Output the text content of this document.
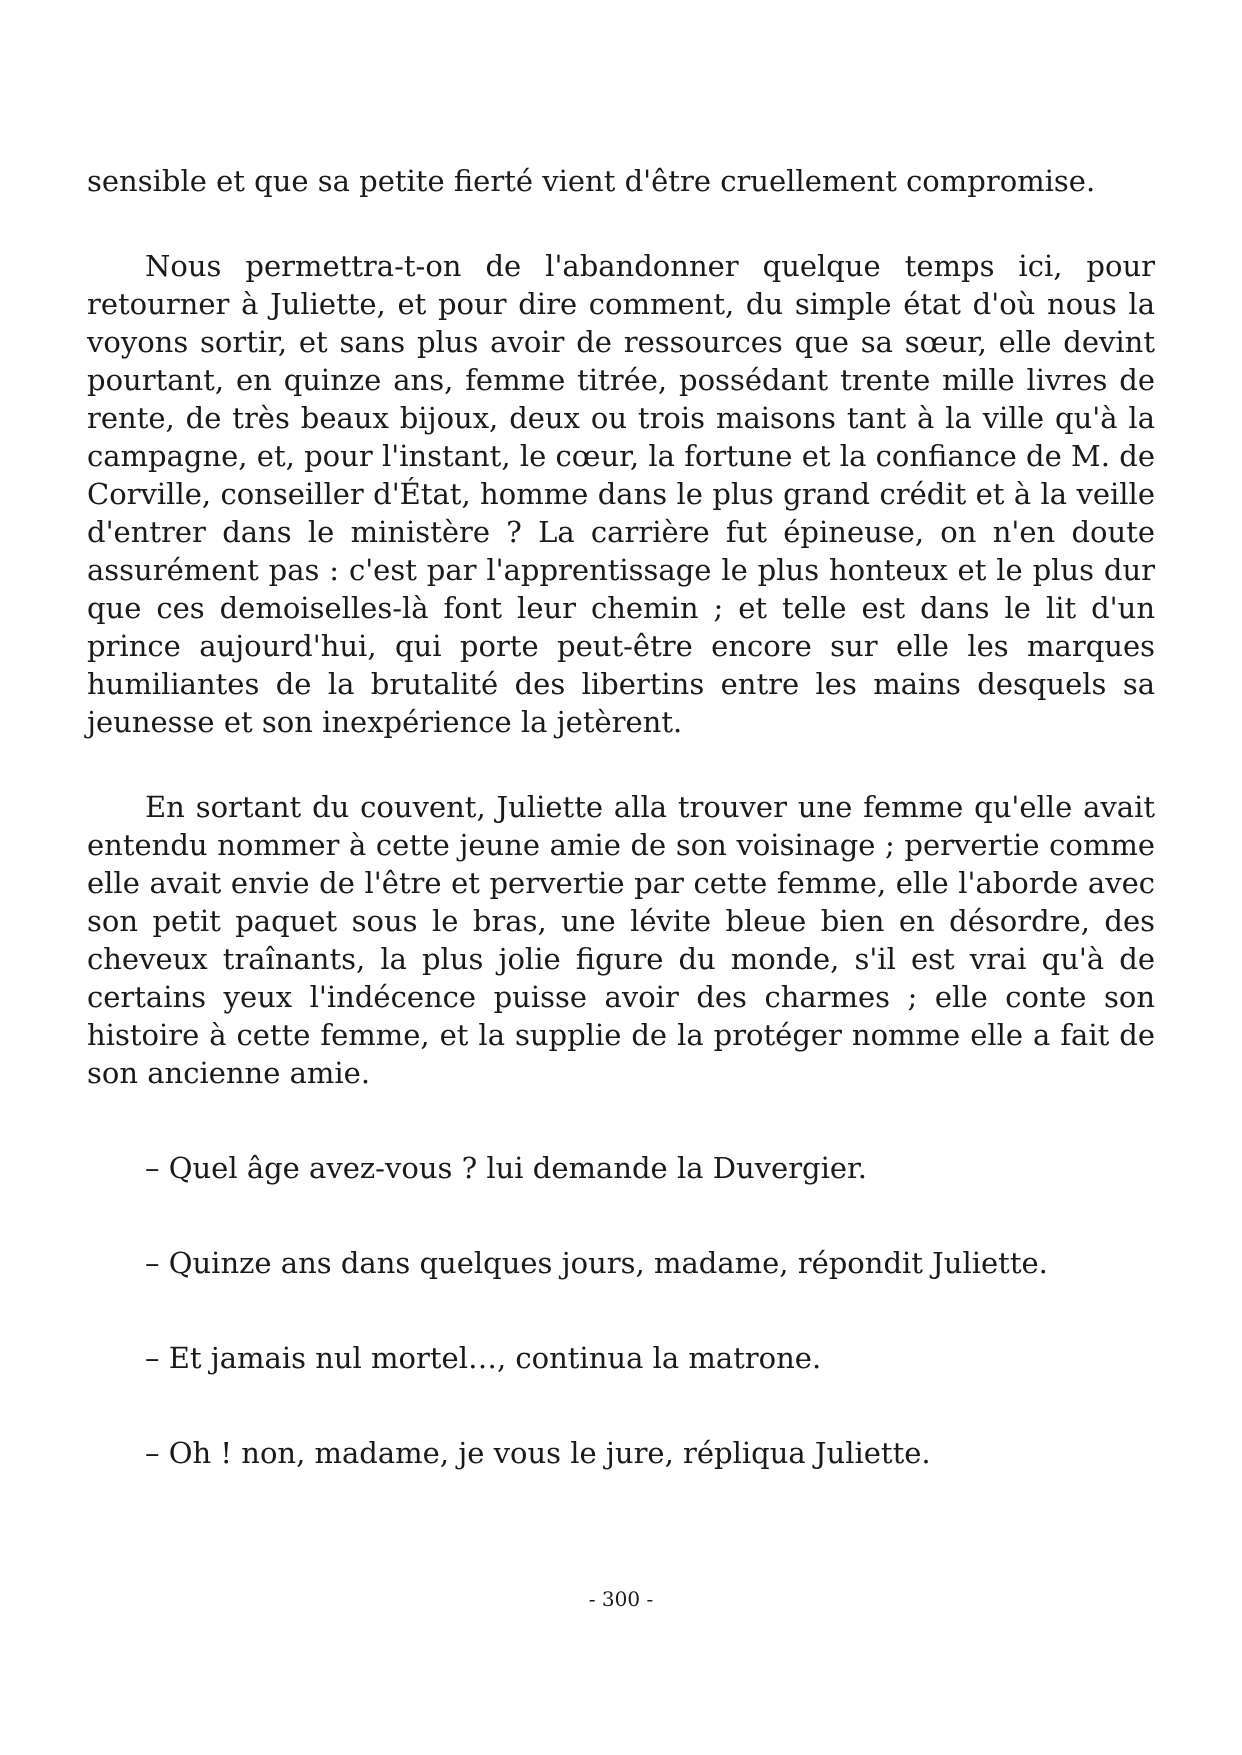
sensible et que sa petite fierté vient d'être cruellement compromise.

Nous permettra-t-on de l'abandonner quelque temps ici, pour retourner à Juliette, et pour dire comment, du simple état d'où nous la voyons sortir, et sans plus avoir de ressources que sa sœur, elle devint pourtant, en quinze ans, femme titrée, possédant trente mille livres de rente, de très beaux bijoux, deux ou trois maisons tant à la ville qu'à la campagne, et, pour l'instant, le cœur, la fortune et la confiance de M. de Corville, conseiller d'État, homme dans le plus grand crédit et à la veille d'entrer dans le ministère ? La carrière fut épineuse, on n'en doute assurément pas : c'est par l'apprentissage le plus honteux et le plus dur que ces demoiselles-là font leur chemin ; et telle est dans le lit d'un prince aujourd'hui, qui porte peut-être encore sur elle les marques humiliantes de la brutalité des libertins entre les mains desquels sa jeunesse et son inexpérience la jetèrent.

En sortant du couvent, Juliette alla trouver une femme qu'elle avait entendu nommer à cette jeune amie de son voisinage ; pervertie comme elle avait envie de l'être et pervertie par cette femme, elle l'aborde avec son petit paquet sous le bras, une lévite bleue bien en désordre, des cheveux traînants, la plus jolie figure du monde, s'il est vrai qu'à de certains yeux l'indécence puisse avoir des charmes ; elle conte son histoire à cette femme, et la supplie de la protéger nomme elle a fait de son ancienne amie.

– Quel âge avez-vous ? lui demande la Duvergier.

– Quinze ans dans quelques jours, madame, répondit Juliette.

– Et jamais nul mortel…, continua la matrone.

– Oh ! non, madame, je vous le jure, répliqua Juliette.

- 300 -
